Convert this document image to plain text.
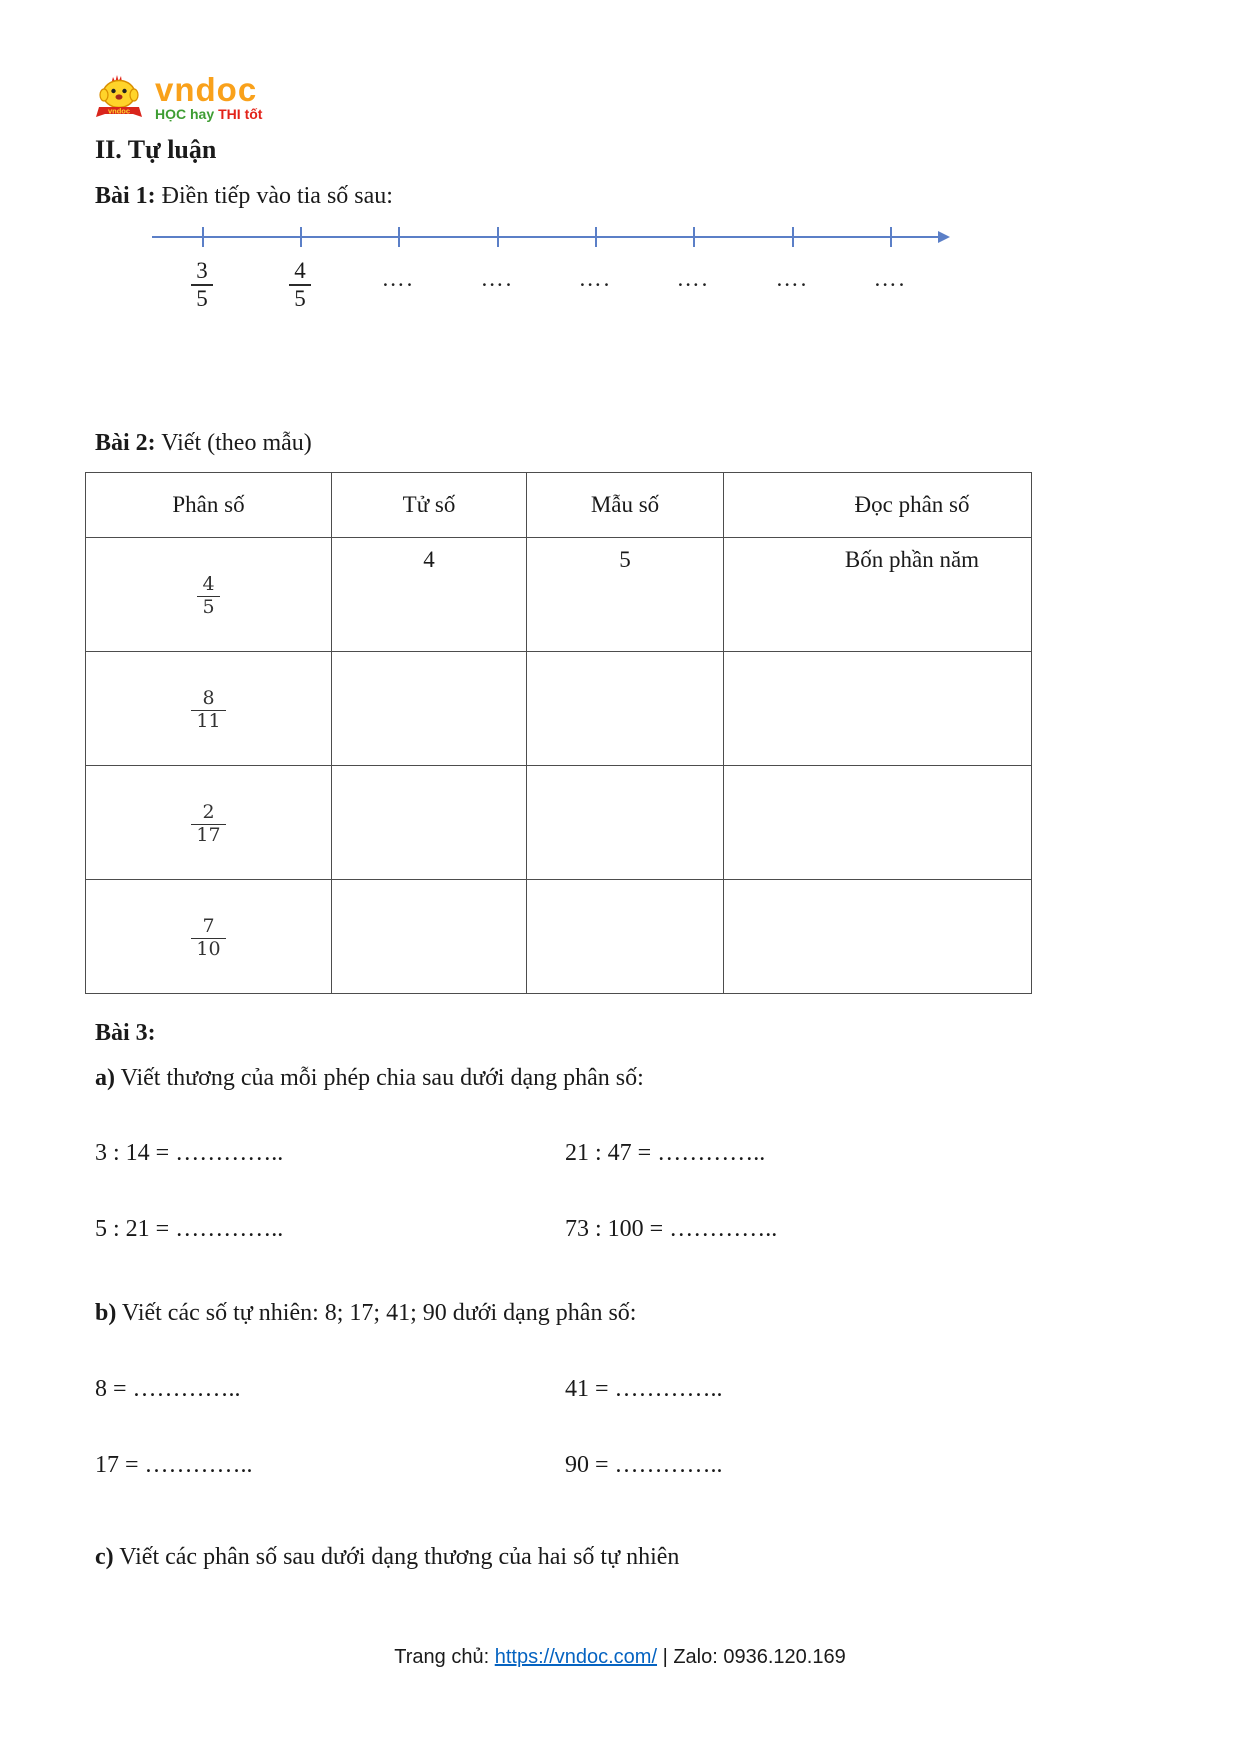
vndoc
vndoc
HỌC hay THI tốt
II. Tự luận
Bài 1: Điền tiếp vào tia số sau:
$\frac{3}{5}$	$\frac{4}{5}$	….	….	….	….	….	….
Bài 2: Viết (theo mẫu)
Phân số	Tử số	Mẫu số	Đọc phân số

$\frac{4}{5}$	4	5	Bốn phần năm

$\frac{8}{11}$

$\frac{2}{17}$

$\frac{7}{10}$

Bài 3:
a) Viết thương của mỗi phép chia sau dưới dạng phân số:
3 : 14 = …………..	21 : 47 = …………..
5 : 21 = …………..	73 : 100 = …………..
b) Viết các số tự nhiên: 8; 17; 41; 90 dưới dạng phân số:
8 = …………..	41 = …………..
17 = …………..	90 = …………..
c) Viết các phân số sau dưới dạng thương của hai số tự nhiên
Trang chủ: https://vndoc.com/ | Zalo: 0936.120.169
